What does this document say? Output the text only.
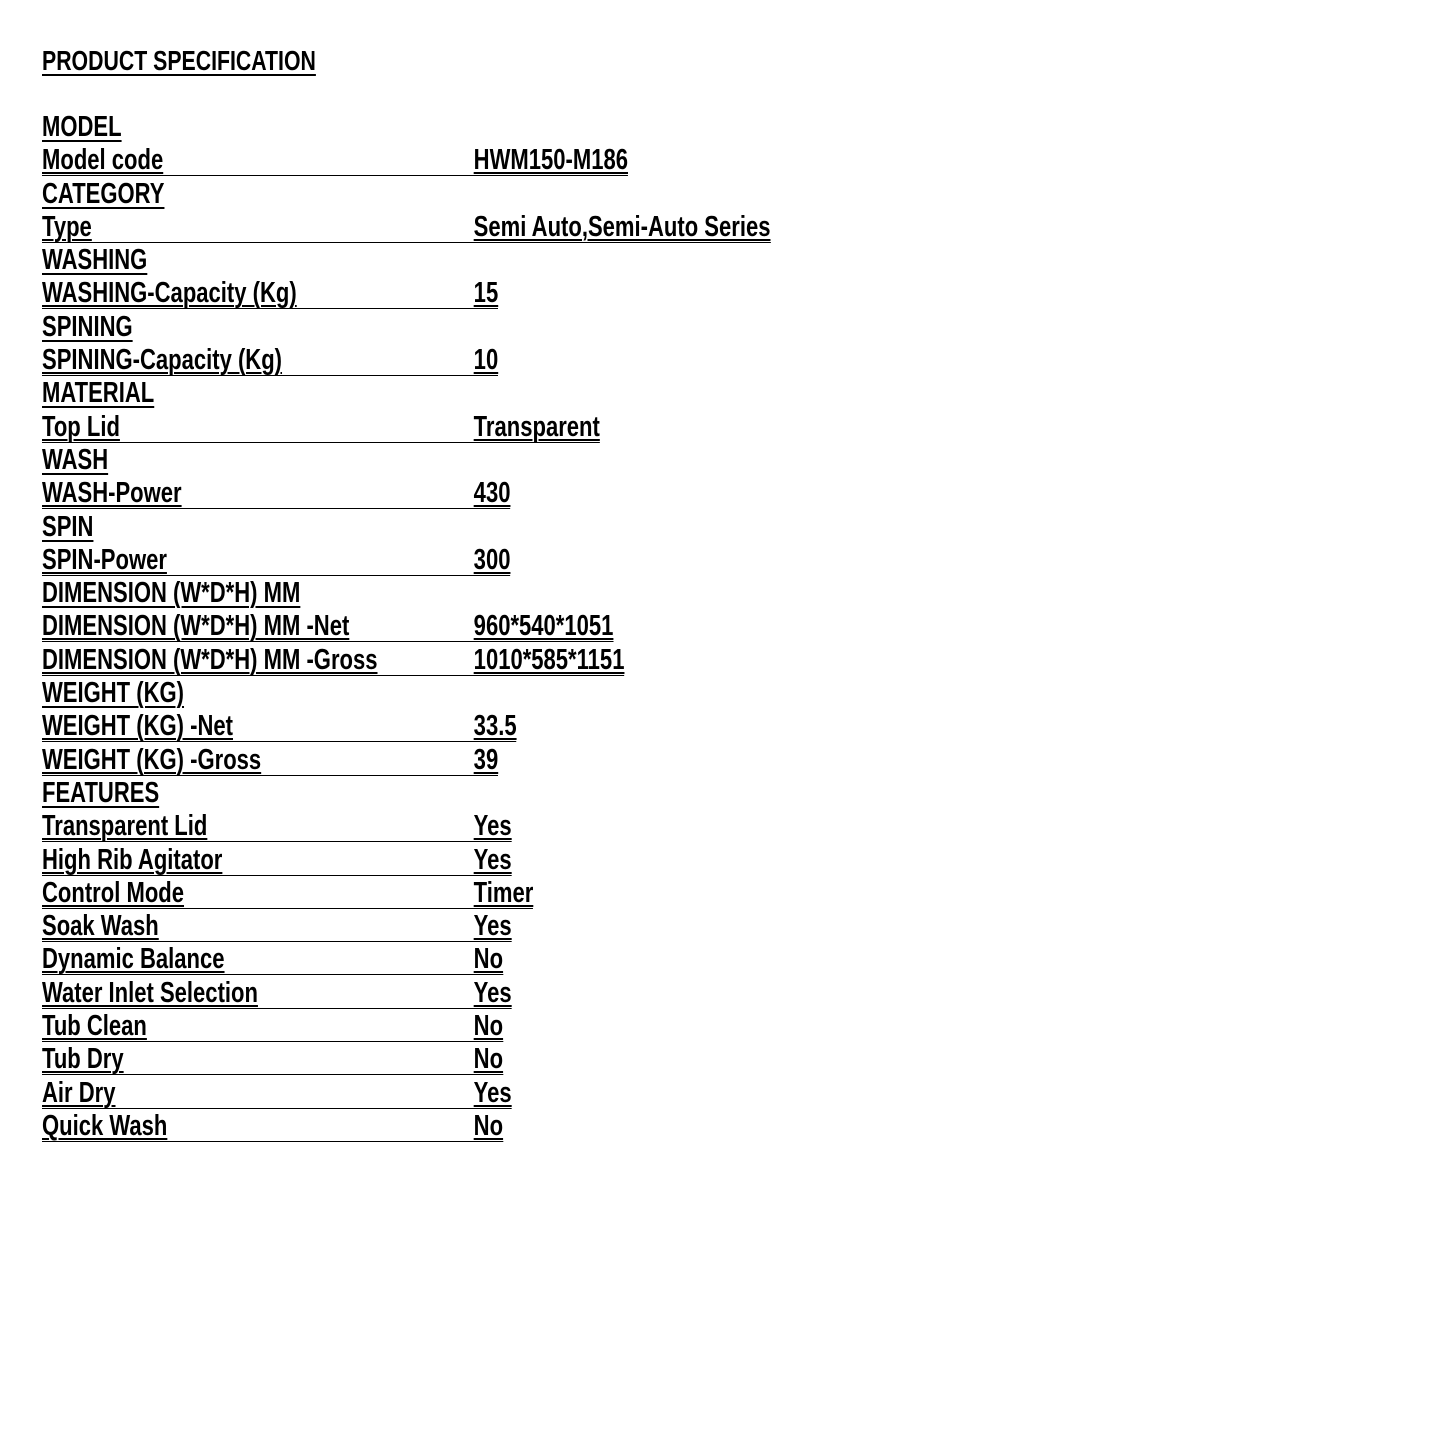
PRODUCT SPECIFICATION
MODEL
Model code	HWM150-M186
CATEGORY
Type	Semi Auto,Semi-Auto Series
WASHING
WASHING-Capacity (Kg)	15
SPINING
SPINING-Capacity (Kg)	10
MATERIAL
Top Lid	Transparent
WASH
WASH-Power	430
SPIN
SPIN-Power	300
DIMENSION (W*D*H) MM
DIMENSION (W*D*H) MM -Net	960*540*1051
DIMENSION (W*D*H) MM -Gross	1010*585*1151
WEIGHT (KG)
WEIGHT (KG) -Net	33.5
WEIGHT (KG) -Gross	39
FEATURES
Transparent Lid	Yes
High Rib Agitator	Yes
Control Mode	Timer
Soak Wash	Yes
Dynamic Balance	No
Water Inlet Selection	Yes
Tub Clean	No
Tub Dry	No
Air Dry	Yes
Quick Wash	No
